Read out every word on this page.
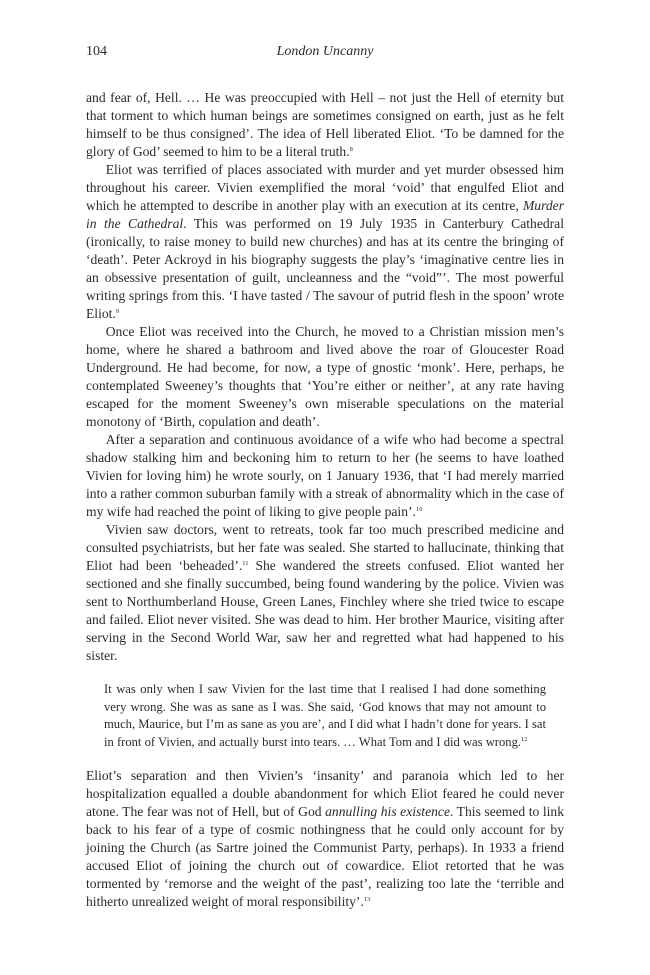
104	London Uncanny

and fear of, Hell. … He was preoccupied with Hell – not just the Hell of eternity but that torment to which human beings are sometimes consigned on earth, just as he felt himself to be thus consigned’. The idea of Hell liberated Eliot. ‘To be damned for the glory of God’ seemed to him to be a literal truth.$^8$

Eliot was terrified of places associated with murder and yet murder obsessed him throughout his career. Vivien exemplified the moral ‘void’ that engulfed Eliot and which he attempted to describe in another play with an execution at its centre, Murder in the Cathedral. This was performed on 19 July 1935 in Canterbury Cathedral (ironically, to raise money to build new churches) and has at its centre the bringing of ‘death’. Peter Ackroyd in his biography suggests the play’s ‘imaginative centre lies in an obsessive presentation of guilt, uncleanness and the “void”’. The most powerful writing springs from this. ‘I have tasted / The savour of putrid flesh in the spoon’ wrote Eliot.$^9$

Once Eliot was received into the Church, he moved to a Christian mission men’s home, where he shared a bathroom and lived above the roar of Gloucester Road Underground. He had become, for now, a type of gnostic ‘monk’. Here, perhaps, he contemplated Sweeney’s thoughts that ‘You’re either or neither’, at any rate having escaped for the moment Sweeney’s own miserable speculations on the material monotony of ‘Birth, copulation and death’.

After a separation and continuous avoidance of a wife who had become a spectral shadow stalking him and beckoning him to return to her (he seems to have loathed Vivien for loving him) he wrote sourly, on 1 January 1936, that ‘I had merely married into a rather common suburban family with a streak of abnormality which in the case of my wife had reached the point of liking to give people pain’.$^{10}$

Vivien saw doctors, went to retreats, took far too much prescribed medicine and consulted psychiatrists, but her fate was sealed. She started to hallucinate, thinking that Eliot had been ‘beheaded’.$^{11}$ She wandered the streets confused. Eliot wanted her sectioned and she finally succumbed, being found wandering by the police. Vivien was sent to Northumberland House, Green Lanes, Finchley where she tried twice to escape and failed. Eliot never visited. She was dead to him. Her brother Maurice, visiting after serving in the Second World War, saw her and regretted what had happened to his sister.

It was only when I saw Vivien for the last time that I realised I had done something very wrong. She was as sane as I was. She said, ‘God knows that may not amount to much, Maurice, but I’m as sane as you are’, and I did what I hadn’t done for years. I sat in front of Vivien, and actually burst into tears. … What Tom and I did was wrong.$^{12}$

Eliot’s separation and then Vivien’s ‘insanity’ and paranoia which led to her hospitalization equalled a double abandonment for which Eliot feared he could never atone. The fear was not of Hell, but of God annulling his existence. This seemed to link back to his fear of a type of cosmic nothingness that he could only account for by joining the Church (as Sartre joined the Communist Party, perhaps). In 1933 a friend accused Eliot of joining the church out of cowardice. Eliot retorted that he was tormented by ‘remorse and the weight of the past’, realizing too late the ‘terrible and hitherto unrealized weight of moral responsibility’.$^{13}$
